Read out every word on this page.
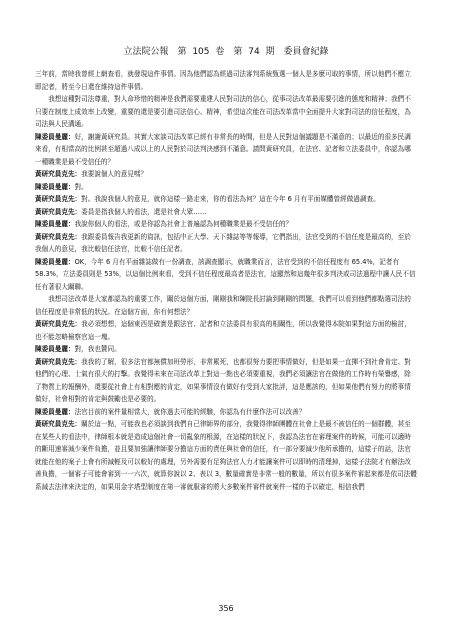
立法院公報　第 105 卷　第 74 期　委員會紀錄

三年前，當時我曾經上網查看，就發現這件事情。因為他們認為經過司法審判系統甄選一個人是多麼可取的事情，所以他們不應立即記者，將至今日還在維持這件事情。

我想這種對司法尊重，對人命珍惜的精神是我們需要重建人民對司法的信心，從事司法改革最需要引進的態度和精神；我們不只要在制度上成效率上改變，重要的還是要引進司法信心、精神，希望這次能在司法改革當中全面提升大家對司法的信任程度，為司法與人民溝通。

陳委員曼麗：好，謝謝黃研究員。其實大家談司法改革已經有非常長的時間，但是人民對這個議題是不滿意的；以最近的很多民調來看，有相當高的比例甚至超過八成以上的人民對於司法判決感到不滿意。請問黃研究員，在法官、記者和立法委員中，你認為哪一種職業是最不受信任的？

黃研究員克先：我要說個人的意見嗎？

陳委員曼麗：對。

黃研究員克先：對。我說我個人的意見，就你這樣一路走來，你的看法為何？這在今年 6 月有平面媒體曾經做過調查。

黃研究員克先：委員是指我個人的看法，還是社會大眾……

陳委員曼麗：我說你個人的看法，或是你認為社會上普遍認為何種職業是最不受信任的？

黃研究員克先：我跟委員報告我更新的資訊，包括中正大學、天下雜誌等等報導，它們指出，法官受到的不信任度是最高的，至於我個人的意見，我比較信任法官，比較不信任記者。

陳委員曼麗：OK，今年 6 月有平面雜誌做有一份調查，該調查顯示，就職業而言，法官受到的不信任程度有 65.4%，記者有 58.3%，立法委員則是 53%，以這個比例來看，受到不信任程度最高者是法官，這顯然和這幾年很多判決或司法過程中讓人民不信任有著很大關聯。

我想司法改革是大家都認為的重要工作，關於這個方面，剛剛我和陳院長討論到剛剛的問題，我們可以看到他們都點選司法的信任程度是非常低的狀況。在這個方面，你有何想法？

黃研究員克先：我必須想想，這個東西是確實是跟法官、記者和立法委員有很高的相關性，所以我覺得本院如果對這方面的檢討，也不能忽略檢察官這一塊。

陳委員曼麗：對，我也贊同。

黃研究員克先：我我的了解，很多法官都無償加班勞形，非常累死，也都很努力要把事情做好，但是如果一直揮不到社會肯定、對他們的心理、士氣有很大的打擊。我覺得未來在司法改革上對這一點也必須要重視，我們必須讓法官在做他的工作時有榮譽感，除了物質上的報酬外，還要從社會上有相對應的肯定，如果事情沒有做好有受到大家批評，這是應該的，但如果他們有努力的將事情做好，社會相對的肯定與鼓勵也是必要的。

陳委員曼麗：法官目前的案件量相當大，就你過去可能的經驗，你認為有什麼作法可以改善？

黃研究員克先：關於這一點，可能我也必須談到我們自己律師界的部分，我覺得律師團體在社會上是最不被信任的一個群體，甚至在某些人的看法中，律師根本就是造成這個社會一切亂象的根源，在這樣的狀況下，我認為法官在審理案件的時候，可能可以適時的斷用速審減少案件負擔，並且要加強讓律師要分擔這方面的責任與社會的信任，有一部分要減少他所承擔的，這樣子的話，法官就能在他的案子上會有所減輕及可以較好的處理，另外需要有足夠法官人力才能讓案件可以即時的清理掉，這樣子法院才有辦法改善負擔，一個審子可能會審到一一六次，就算你說以 2、表以 3，數量確實是非常一般的數量，所以有很多案件審起來都是依司法體系減去法律來決定的，如果用金字塔型制度在第一審就服審的將大多數案件審件就案件一樣的予以確定，相信我們

356
